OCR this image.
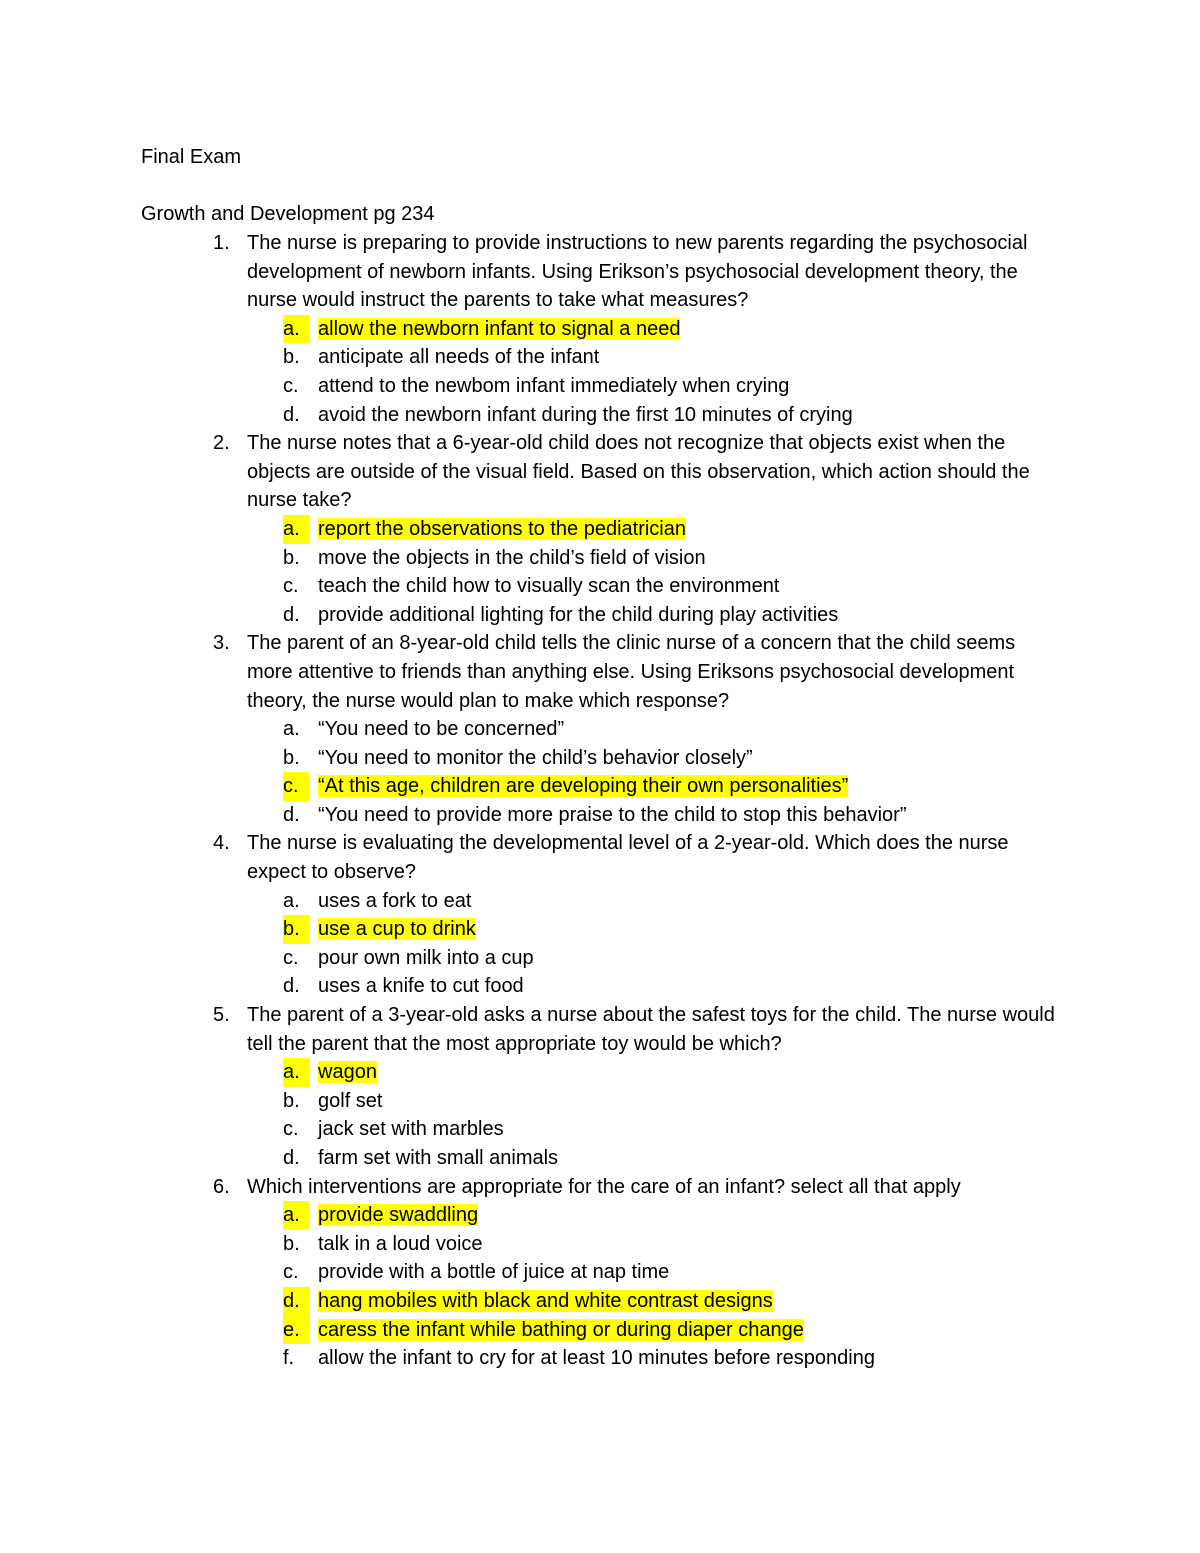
Final Exam
Growth and Development pg 234
1. The nurse is preparing to provide instructions to new parents regarding the psychosocial development of newborn infants. Using Erikson’s psychosocial development theory, the nurse would instruct the parents to take what measures?
a. allow the newborn infant to signal a need
b. anticipate all needs of the infant
c. attend to the newbom infant immediately when crying
d. avoid the newborn infant during the first 10 minutes of crying
2. The nurse notes that a 6-year-old child does not recognize that objects exist when the objects are outside of the visual field. Based on this observation, which action should the nurse take?
a. report the observations to the pediatrician
b. move the objects in the child’s field of vision
c. teach the child how to visually scan the environment
d. provide additional lighting for the child during play activities
3. The parent of an 8-year-old child tells the clinic nurse of a concern that the child seems more attentive to friends than anything else. Using Eriksons psychosocial development theory, the nurse would plan to make which response?
a. “You need to be concerned”
b. “You need to monitor the child’s behavior closely”
c. “At this age, children are developing their own personalities”
d. “You need to provide more praise to the child to stop this behavior”
4. The nurse is evaluating the developmental level of a 2-year-old. Which does the nurse expect to observe?
a. uses a fork to eat
b. use a cup to drink
c. pour own milk into a cup
d. uses a knife to cut food
5. The parent of a 3-year-old asks a nurse about the safest toys for the child. The nurse would tell the parent that the most appropriate toy would be which?
a. wagon
b. golf set
c. jack set with marbles
d. farm set with small animals
6. Which interventions are appropriate for the care of an infant? select all that apply
a. provide swaddling
b. talk in a loud voice
c. provide with a bottle of juice at nap time
d. hang mobiles with black and white contrast designs
e. caress the infant while bathing or during diaper change
f. allow the infant to cry for at least 10 minutes before responding
